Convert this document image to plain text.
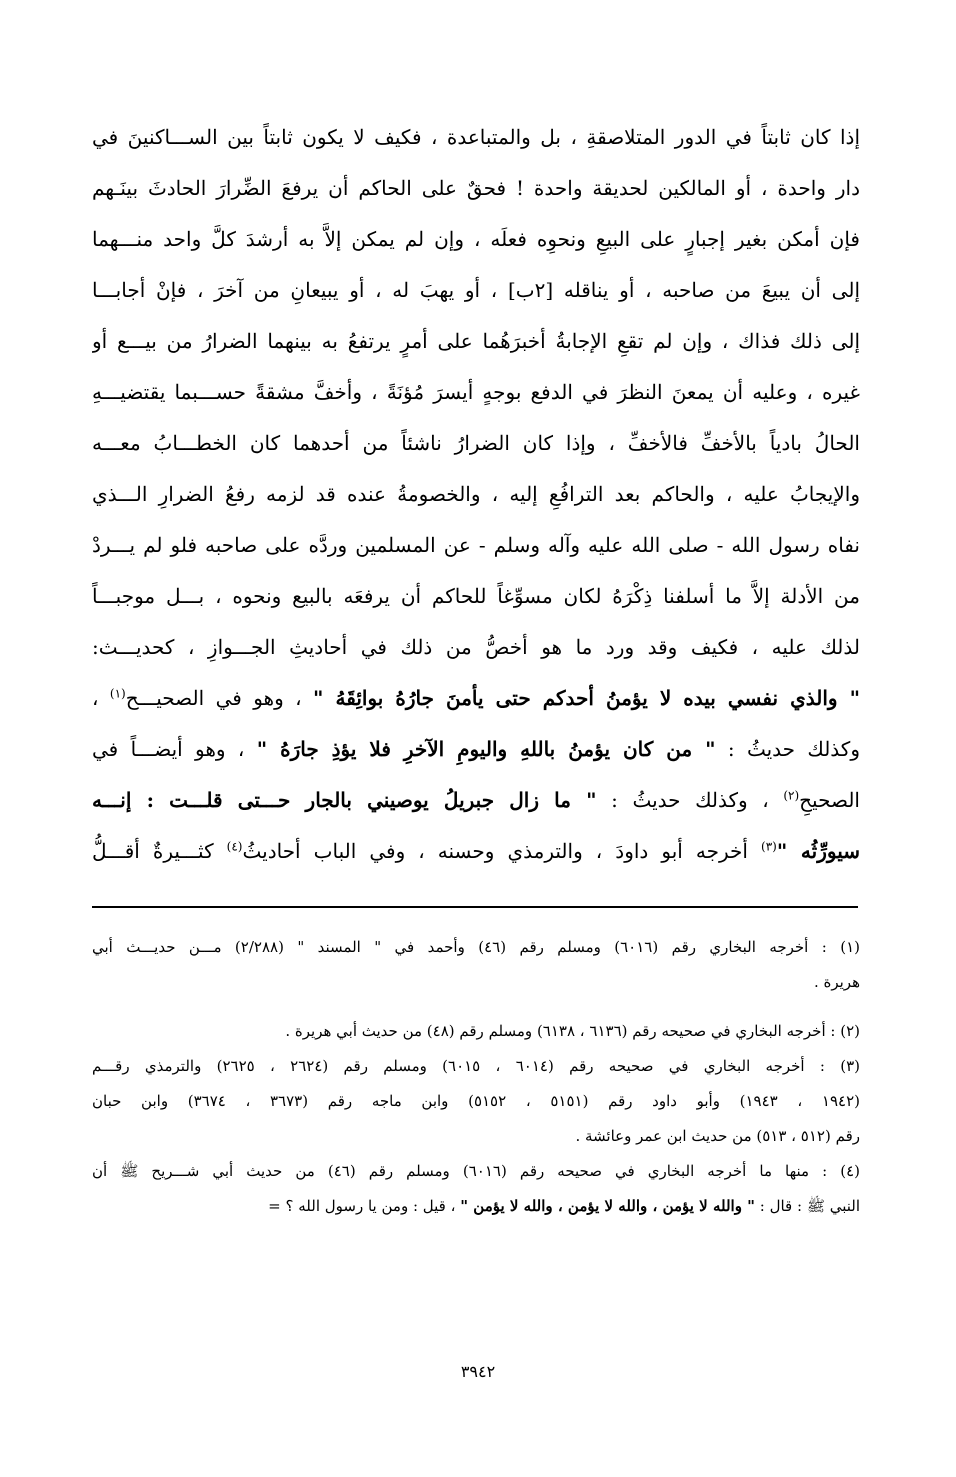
إذا كان ثابتاً في الدور المتلاصقةِ ، بل والمتباعدة ، فكيف لا يكون ثابتاً بين الســـاكنينَ في
دار واحدة ، أو المالكين لحديقة واحدة ! فحقٌ على الحاكم أن يرفعَ الضِّرارَ الحادثَ بينَـهم
فإن أمكن بغير إجبارٍ على البيعِ ونحوِه فعلَه ، وإن لم يمكن إلاَّ به أرشدَ كلَّ واحد منـــهما
إلى أن يبيعَ من صاحبه ، أو يناقله [٢ب] ، أو يهبَ له ، أو يبيعانِ من آخرَ ، فإنْ أجابـــا
إلى ذلك فذاك ، وإن لم تقعِ الإجابةُ أخبرَهُما على أمرٍ يرتفعُ به بينهما الضرارُ من بيـــع أو
غيره ، وعليه أن يمعنَ النظرَ في الدفع بوجهٍ أيسرَ مُؤنَةً ، وأخفَّ مشقةً حســـبما يقتضيـــهِ
الحالُ بادياً بالأخفِّ فالأخفِّ ، وإذا كان الضرارُ ناشئاً من أحدهما كان الخطـــابُ معـــه
والإيجابُ عليه ، والحاكم بعد الترافُعِ إليه ، والخصومةُ عنده قد لزمه رفعُ الضرارِ الـــذي
نفاه رسول الله - صلى الله عليه وآله وسلم - عن المسلمين وردَّه على صاحبه فلو لم يـــردْ
من الأدلة إلاَّ ما أسلفنا ذِكْرَهُ لكان مسوِّغاً للحاكم أن يرفعَه بالبيع ونحوه ، بـــل موجبـــاً
لذلك عليه ، فكيف وقد ورد ما هو أخصُّ من ذلك في أحاديثِ الجـــوازِ ، كحديـــث:
" والذي نفسي بيده لا يؤمنُ أحدكم حتى يأمنَ جارُهُ بوائِقَهُ " ، وهو في الصحيـــح$^{(١)}$ ،
وكذلك حديثُ : " من كان يؤمنُ باللهِ واليومِ الآخرِ فلا يؤذِ جارَهُ " ، وهو أيضـــاً في
الصحيحِ$^{(٢)}$ ، وكذلك حديثُ : " ما زال جبريلُ يوصيني بالجار حـــتى قلـــت : إنـــه
سيورِّثُه "$^{(٣)}$ أخرجه أبو داودَ ، والترمذي وحسنه ، وفي الباب أحاديثُ$^{(٤)}$ كثـــيرةٌ أقـــلُّ
(١) : أخرجه البخاري رقم (٦٠١٦) ومسلم رقم (٤٦) وأحمد في " المسند " (٢/٢٨٨) مـــن حديـــث أبي
هريرة .
(٢) : أخرجه البخاري في صحيحه رقم (٦١٣٦ ، ٦١٣٨) ومسلم رقم (٤٨) من حديث أبي هريرة .
(٣) : أخرجه البخاري في صحيحه رقم (٦٠١٤ ، ٦٠١٥) ومسلم رقم (٢٦٢٤ ، ٢٦٢٥) والترمذي رقـــم
(١٩٤٢ ، ١٩٤٣) وأبو داود رقم (٥١٥١ ، ٥١٥٢) وابن ماجه رقم (٣٦٧٣ ، ٣٦٧٤) وابن حبان
رقم (٥١٢ ، ٥١٣) من حديث ابن عمر وعائشة .
(٤) : منها ما أخرجه البخاري في صحيحه رقم (٦٠١٦) ومسلم رقم (٤٦) من حديث أبي شـــريح ﷺ أن
النبي ﷺ : قال : " والله لا يؤمن ، والله لا يؤمن ، والله لا يؤمن " ، قيل : ومن يا رسول الله ؟ =
٣٩٤٢
